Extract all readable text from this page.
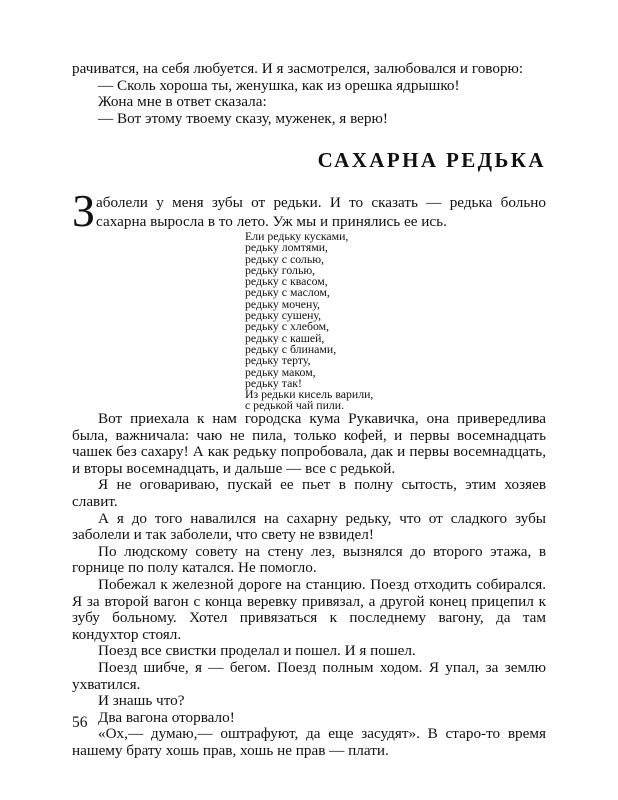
рачиватся, на себя любуется. И я засмотрелся, залюбовался и говорю:

— Сколь хороша ты, женушка, как из орешка ядрышко!

Жона мне в ответ сказала:

— Вот этому твоему сказу, муженек, я верю!

САХАРНА РЕДЬКА

З аболели у меня зубы от редьки. И то сказать — редька больно сахарна выросла в то лето. Уж мы и принялись ее ись.

Ели редьку кусками,
редьку ломтями,
редьку с солью,
редьку голью,
редьку с квасом,
редьку с маслом,
редьку мочену,
редьку сушену,
редьку с хлебом,
редьку с кашей,
редьку с блинами,
редьку терту,
редьку маком,
редьку так!
Из редьки кисель варили,
с редькой чай пили.

Вот приехала к нам городска кума Рукавичка, она привередлива была, важничала: чаю не пила, только кофей, и первы восемнадцать чашек без сахару! А как редьку попробовала, дак и первы восемнадцать, и вторы восемнадцать, и дальше — все с редькой.

Я не оговариваю, пускай ее пьет в полну сытость, этим хозяев славит.

А я до того навалился на сахарну редьку, что от сладкого зубы заболели и так заболели, что свету не взвидел!

По людскому совету на стену лез, вызнялся до второго этажа, в горнице по полу катался. Не помогло.

Побежал к железной дороге на станцию. Поезд отходить собирался. Я за второй вагон с конца веревку привязал, а другой конец прицепил к зубу больному. Хотел привязаться к последнему вагону, да там кондухтор стоял.

Поезд все свистки проделал и пошел. И я пошел.

Поезд шибче, я — бегом. Поезд полным ходом. Я упал, за землю ухватился.

И знашь что?

Два вагона оторвало!

«Ох,— думаю,— оштрафуют, да еще засудят». В старо-то время нашему брату хошь прав, хошь не прав — плати.

56
